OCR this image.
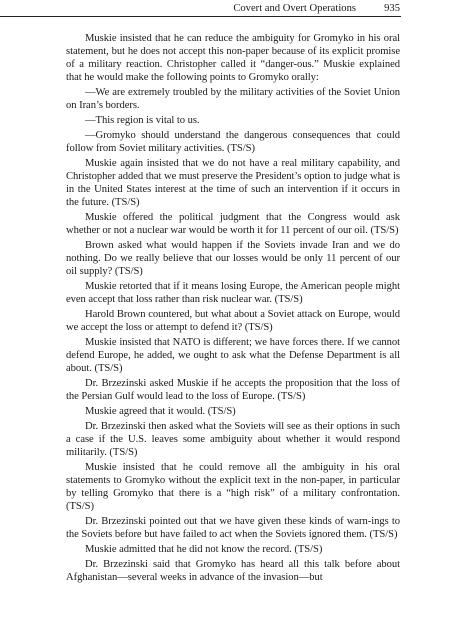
Covert and Overt Operations	935

Muskie insisted that he can reduce the ambiguity for Gromyko in his oral statement, but he does not accept this non-paper because of its explicit promise of a military reaction. Christopher called it “danger-ous.” Muskie explained that he would make the following points to Gromyko orally:

—We are extremely troubled by the military activities of the Soviet Union on Iran’s borders.

—This region is vital to us.

—Gromyko should understand the dangerous consequences that could follow from Soviet military activities. (TS/S)

Muskie again insisted that we do not have a real military capability, and Christopher added that we must preserve the President’s option to judge what is in the United States interest at the time of such an intervention if it occurs in the future. (TS/S)

Muskie offered the political judgment that the Congress would ask whether or not a nuclear war would be worth it for 11 percent of our oil. (TS/S)

Brown asked what would happen if the Soviets invade Iran and we do nothing. Do we really believe that our losses would be only 11 percent of our oil supply? (TS/S)

Muskie retorted that if it means losing Europe, the American people might even accept that loss rather than risk nuclear war. (TS/S)

Harold Brown countered, but what about a Soviet attack on Europe, would we accept the loss or attempt to defend it? (TS/S)

Muskie insisted that NATO is different; we have forces there. If we cannot defend Europe, he added, we ought to ask what the Defense Department is all about. (TS/S)

Dr. Brzezinski asked Muskie if he accepts the proposition that the loss of the Persian Gulf would lead to the loss of Europe. (TS/S)

Muskie agreed that it would. (TS/S)

Dr. Brzezinski then asked what the Soviets will see as their options in such a case if the U.S. leaves some ambiguity about whether it would respond militarily. (TS/S)

Muskie insisted that he could remove all the ambiguity in his oral statements to Gromyko without the explicit text in the non-paper, in particular by telling Gromyko that there is a “high risk” of a military confrontation. (TS/S)

Dr. Brzezinski pointed out that we have given these kinds of warn-ings to the Soviets before but have failed to act when the Soviets ignored them. (TS/S)

Muskie admitted that he did not know the record. (TS/S)

Dr. Brzezinski said that Gromyko has heard all this talk before about Afghanistan—several weeks in advance of the invasion—but
